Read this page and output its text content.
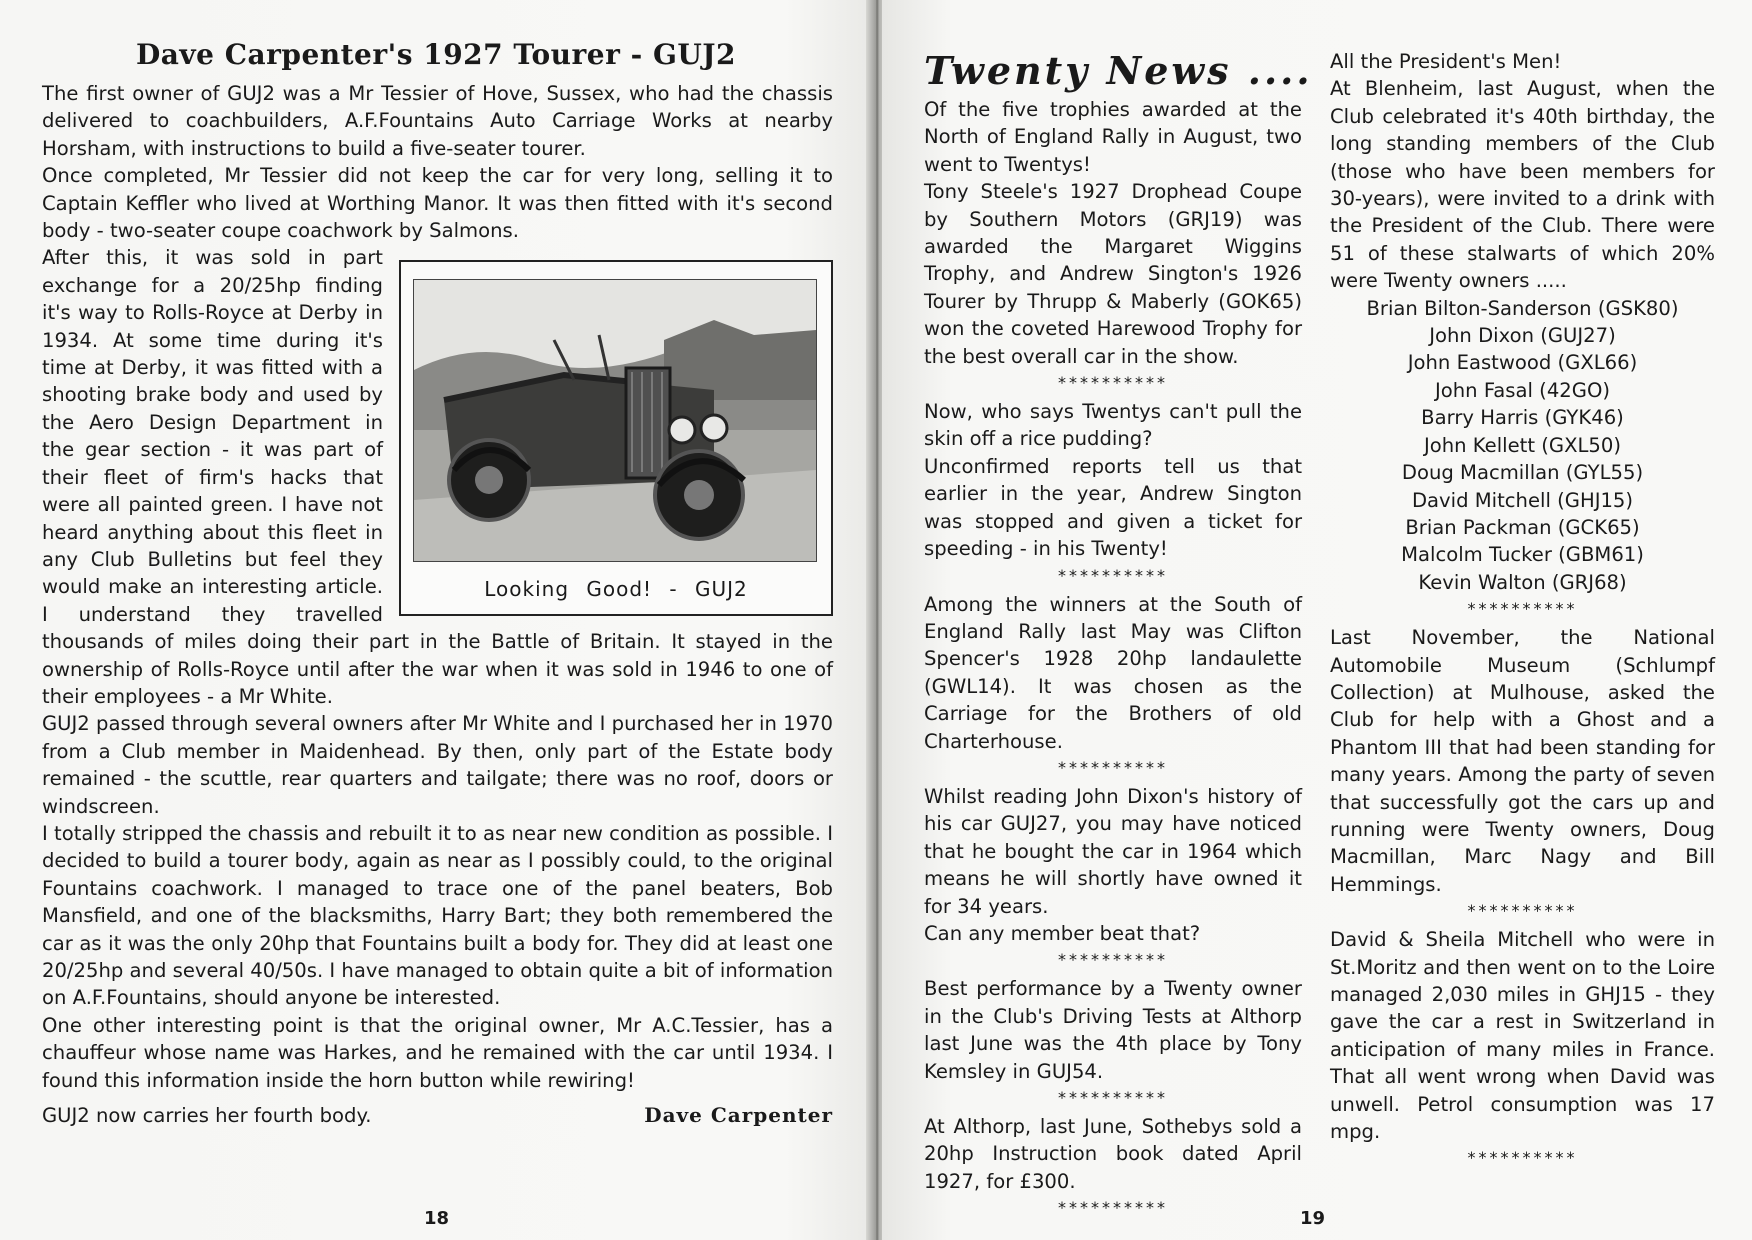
Dave Carpenter's 1927 Tourer - GUJ2

The first owner of GUJ2 was a Mr Tessier of Hove, Sussex, who had the chassis delivered to coachbuilders, A.F.Fountains Auto Carriage Works at nearby Horsham, with instructions to build a five-seater tourer.

Once completed, Mr Tessier did not keep the car for very long, selling it to Captain Keffler who lived at Worthing Manor. It was then fitted with it's second body - two-seater coupe coachwork by Salmons.

Looking Good! - GUJ2

After this, it was sold in part exchange for a 20/25hp finding it's way to Rolls-Royce at Derby in 1934. At some time during it's time at Derby, it was fitted with a shooting brake body and used by the Aero Design Department in the gear section - it was part of their fleet of firm's hacks that were all painted green. I have not heard anything about this fleet in any Club Bulletins but feel they would make an interesting article. I understand they travelled thousands of miles doing their part in the Battle of Britain. It stayed in the ownership of Rolls-Royce until after the war when it was sold in 1946 to one of their employees - a Mr White.

GUJ2 passed through several owners after Mr White and I purchased her in 1970 from a Club member in Maidenhead. By then, only part of the Estate body remained - the scuttle, rear quarters and tailgate; there was no roof, doors or windscreen.

I totally stripped the chassis and rebuilt it to as near new condition as possible. I decided to build a tourer body, again as near as I possibly could, to the original Fountains coachwork. I managed to trace one of the panel beaters, Bob Mansfield, and one of the blacksmiths, Harry Bart; they both remembered the car as it was the only 20hp that Fountains built a body for. They did at least one 20/25hp and several 40/50s. I have managed to obtain quite a bit of information on A.F.Fountains, should anyone be interested.

One other interesting point is that the original owner, Mr A.C.Tessier, has a chauffeur whose name was Harkes, and he remained with the car until 1934. I found this information inside the horn button while rewiring!

GUJ2 now carries her fourth body.	Dave Carpenter
18
Twenty News ....

Of the five trophies awarded at the North of England Rally in August, two went to Twentys!

Tony Steele's 1927 Drophead Coupe by Southern Motors (GRJ19) was awarded the Margaret Wiggins Trophy, and Andrew Sington's 1926 Tourer by Thrupp & Maberly (GOK65) won the coveted Harewood Trophy for the best overall car in the show.

**********

Now, who says Twentys can't pull the skin off a rice pudding?

Unconfirmed reports tell us that earlier in the year, Andrew Sington was stopped and given a ticket for speeding - in his Twenty!

**********

Among the winners at the South of England Rally last May was Clifton Spencer's 1928 20hp landaulette (GWL14). It was chosen as the Carriage for the Brothers of old Charterhouse.

**********

Whilst reading John Dixon's history of his car GUJ27, you may have noticed that he bought the car in 1964 which means he will shortly have owned it for 34 years.

Can any member beat that?

**********

Best performance by a Twenty owner in the Club's Driving Tests at Althorp last June was the 4th place by Tony Kemsley in GUJ54.

**********

At Althorp, last June, Sothebys sold a 20hp Instruction book dated April 1927, for £300.

**********

All the President's Men!

At Blenheim, last August, when the Club celebrated it's 40th birthday, the long standing members of the Club (those who have been members for 30-years), were invited to a drink with the President of the Club. There were 51 of these stalwarts of which 20% were Twenty owners .....

Brian Bilton-Sanderson (GSK80)
John Dixon (GUJ27)
John Eastwood (GXL66)
John Fasal (42GO)
Barry Harris (GYK46)
John Kellett (GXL50)
Doug Macmillan (GYL55)
David Mitchell (GHJ15)
Brian Packman (GCK65)
Malcolm Tucker (GBM61)
Kevin Walton (GRJ68)
**********

Last November, the National Automobile Museum (Schlumpf Collection) at Mulhouse, asked the Club for help with a Ghost and a Phantom III that had been standing for many years. Among the party of seven that successfully got the cars up and running were Twenty owners, Doug Macmillan, Marc Nagy and Bill Hemmings.

**********

David & Sheila Mitchell who were in St.Moritz and then went on to the Loire managed 2,030 miles in GHJ15 - they gave the car a rest in Switzerland in anticipation of many miles in France. That all went wrong when David was unwell. Petrol consumption was 17 mpg.

**********
19
